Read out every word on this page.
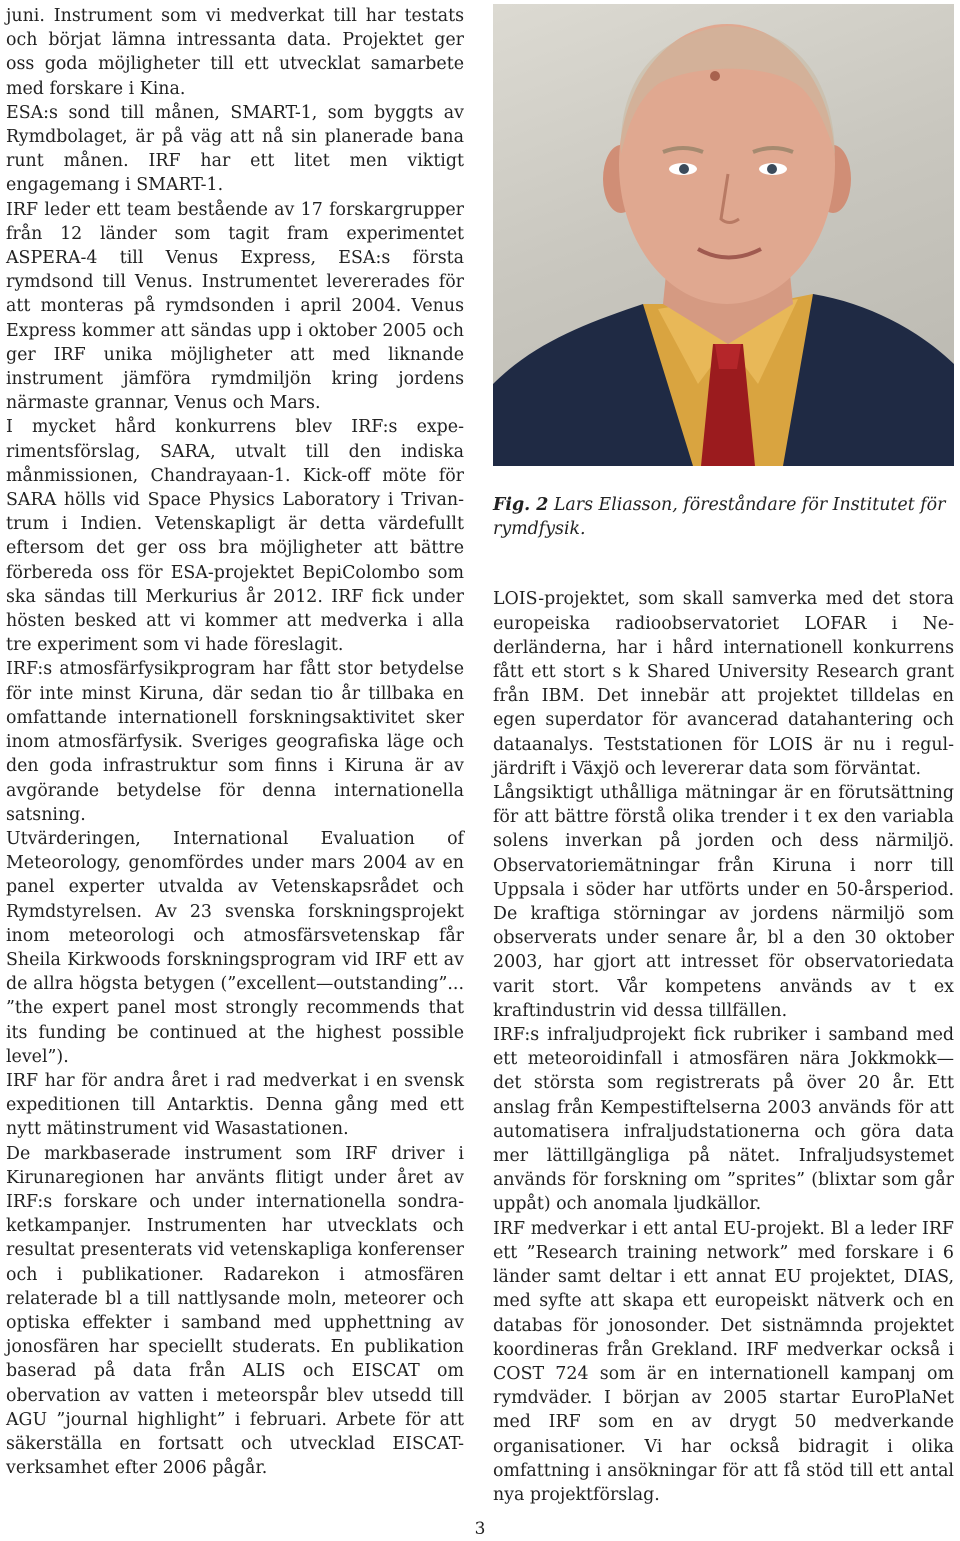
juni. Instrument som vi medverkat till har testats och börjat lämna intressanta data. Projektet ger oss goda möjligheter till ett utvecklat samarbete med forskare i Kina.

ESA:s sond till månen, SMART-1, som byggts av Rymdbolaget, är på väg att nå sin planerade bana runt månen. IRF har ett litet men viktigt engagemang i SMART-1.

IRF leder ett team bestående av 17 forskargrupper från 12 länder som tagit fram experimentet ASPERA-4 till Venus Express, ESA:s första rymdsond till Venus. Instrumentet levererades för att monteras på rymdsonden i april 2004. Venus Express kommer att sändas upp i oktober 2005 och ger IRF unika möjligheter att med liknande instrument jämföra rymdmiljön kring jordens närmaste grannar, Venus och Mars.

I mycket hård konkurrens blev IRF:s experimentsförslag, SARA, utvalt till den indiska månmissionen, Chandrayaan-1. Kick-off möte för SARA hölls vid Space Physics Laboratory i Trivantrum i Indien. Vetenskapligt är detta värdefullt eftersom det ger oss bra möjligheter att bättre förbereda oss för ESA-projektet BepiColombo som ska sändas till Merkurius år 2012. IRF fick under hösten besked att vi kommer att medverka i alla tre experiment som vi hade föreslagit.

IRF:s atmosfärfysikprogram har fått stor betydelse för inte minst Kiruna, där sedan tio år tillbaka en omfattande internationell forskningsaktivitet sker inom atmosfärfysik. Sveriges geografiska läge och den goda infrastruktur som finns i Kiruna är av avgörande betydelse för denna internationella satsning.

Utvärderingen, International Evaluation of Meteorology, genomfördes under mars 2004 av en panel experter utvalda av Vetenskapsrådet och Rymdstyrelsen. Av 23 svenska forskningsprojekt inom meteorologi och atmosfärsvetenskap får Sheila Kirkwoods forskningsprogram vid IRF ett av de allra högsta betygen (”excellent—outstanding”... ”the expert panel most strongly recommends that its funding be continued at the highest possible level”).

IRF har för andra året i rad medverkat i en svensk expeditionen till Antarktis. Denna gång med ett nytt mätinstrument vid Wasastationen.

De markbaserade instrument som IRF driver i Kirunaregionen har använts flitigt under året av IRF:s forskare och under internationella sondraketkampanjer. Instrumenten har utvecklats och resultat presenterats vid vetenskapliga konferenser och i publikationer. Radarekon i atmosfären relaterade bl a till nattlysande moln, meteorer och optiska effekter i samband med upphettning av jonosfären har speciellt studerats. En publikation baserad på data från ALIS och EISCAT om obervation av vatten i meteorspår blev utsedd till AGU ”journal highlight” i februari. Arbete för att säkerställa en fortsatt och utvecklad EISCAT-verksamhet efter 2006 pågår.

Fig. 2 Lars Eliasson, föreståndare för Institutet för rymdfysik.

LOIS-projektet, som skall samverka med det stora europeiska radioobservatoriet LOFAR i Nederländerna, har i hård internationell konkurrens fått ett stort s k Shared University Research grant från IBM. Det innebär att projektet tilldelas en egen superdator för avancerad datahantering och dataanalys. Teststationen för LOIS är nu i reguljärdrift i Växjö och levererar data som förväntat.

Långsiktigt uthålliga mätningar är en förutsättning för att bättre förstå olika trender i t ex den variabla solens inverkan på jorden och dess närmiljö. Observatoriemätningar från Kiruna i norr till Uppsala i söder har utförts under en 50-årsperiod. De kraftiga störningar av jordens närmiljö som observerats under senare år, bl a den 30 oktober 2003, har gjort att intresset för observatoriedata varit stort. Vår kompetens används av t ex kraftindustrin vid dessa tillfällen.

IRF:s infraljudprojekt fick rubriker i samband med ett meteoroidinfall i atmosfären nära Jokkmokk—det största som registrerats på över 20 år. Ett anslag från Kempestiftelserna 2003 används för att automatisera infraljudstationerna och göra data mer lättillgängliga på nätet. Infraljudsystemet används för forskning om ”sprites” (blixtar som går uppåt) och anomala ljudkällor.

IRF medverkar i ett antal EU-projekt. Bl a leder IRF ett ”Research training network” med forskare i 6 länder samt deltar i ett annat EU projektet, DIAS, med syfte att skapa ett europeiskt nätverk och en databas för jonosonder. Det sistnämnda projektet koordineras från Grekland. IRF medverkar också i COST 724 som är en internationell kampanj om rymdväder. I början av 2005 startar EuroPlaNet med IRF som en av drygt 50 medverkande organisationer. Vi har också bidragit i olika omfattning i ansökningar för att få stöd till ett antal nya projektförslag.

3
